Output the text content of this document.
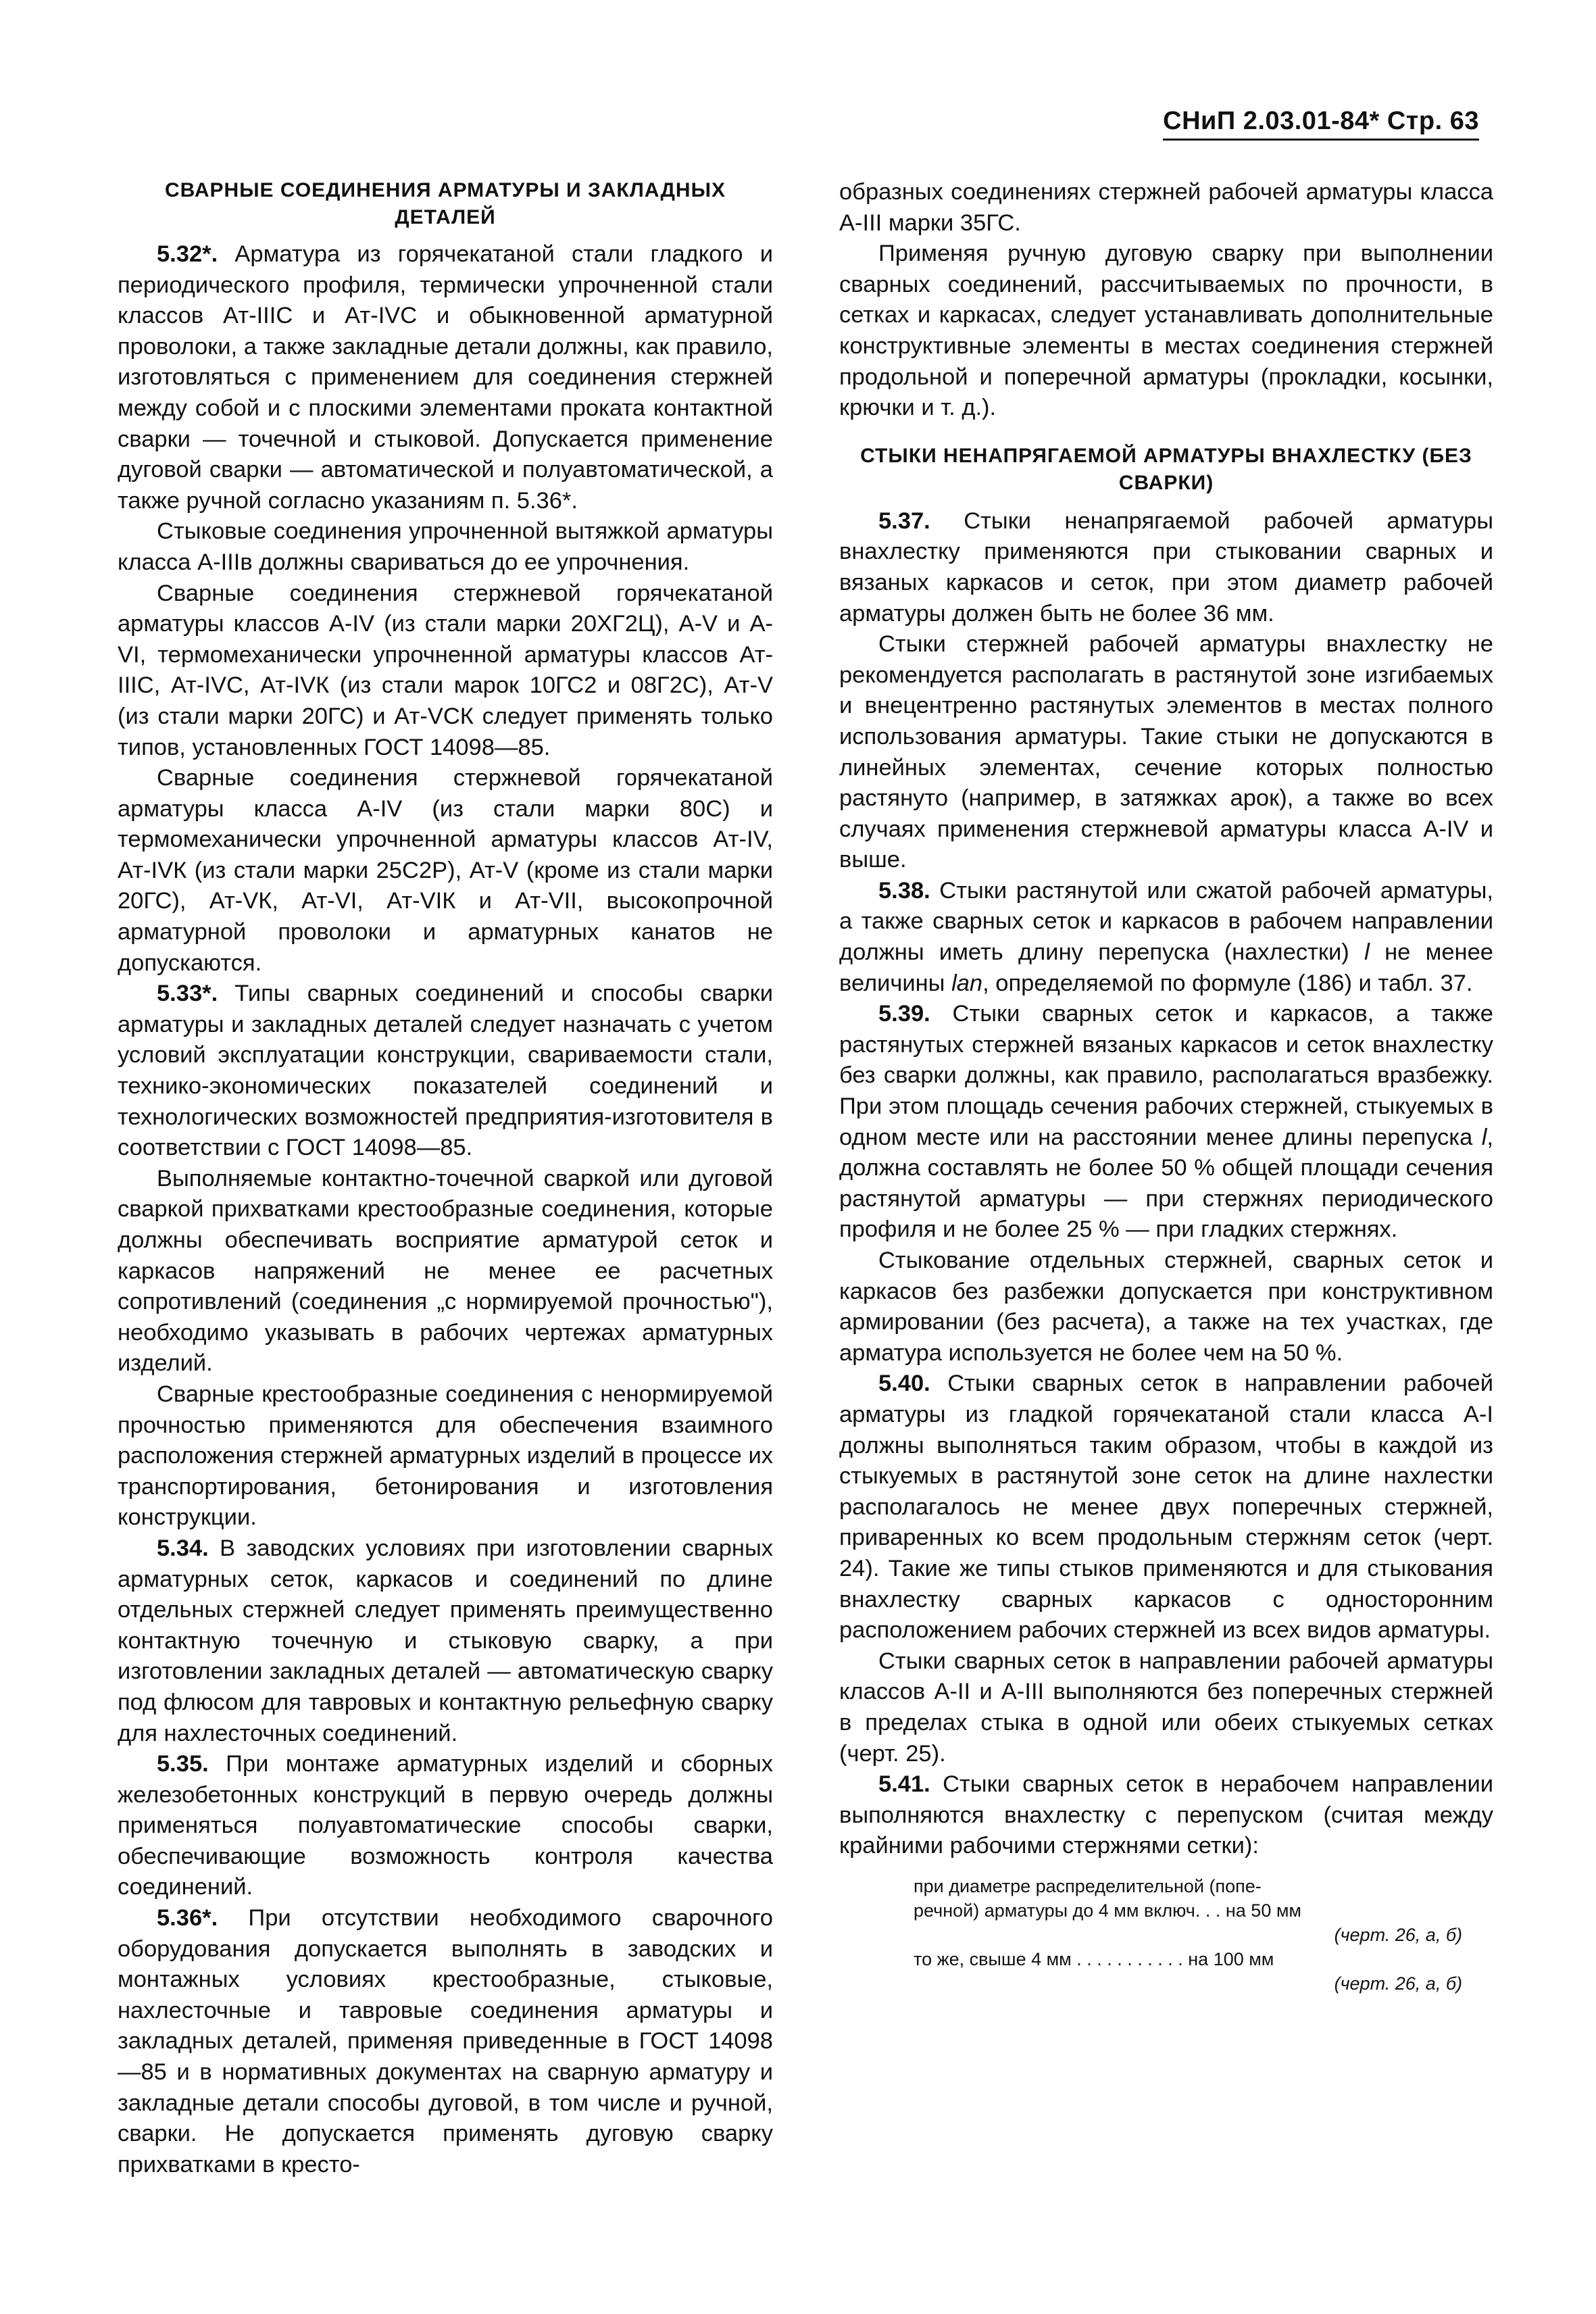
СНиП 2.03.01-84* Стр. 63

СВАРНЫЕ СОЕДИНЕНИЯ АРМАТУРЫ И ЗАКЛАДНЫХ ДЕТАЛЕЙ

5.32*. Арматура из горячекатаной стали гладкого и периодического профиля, термически упрочненной стали классов Ат-IIIС и Ат-IVС и обыкновенной арматурной проволоки, а также закладные детали должны, как правило, изготовляться с применением для соединения стержней между собой и с плоскими элементами проката контактной сварки — точечной и стыковой. Допускается применение дуговой сварки — автоматической и полуавтоматической, а также ручной согласно указаниям п. 5.36*.

Стыковые соединения упрочненной вытяжкой арматуры класса А-IIIв должны свариваться до ее упрочнения.

Сварные соединения стержневой горячекатаной арматуры классов А-IV (из стали марки 20ХГ2Ц), А-V и А-VI, термомеханически упрочненной арматуры классов Ат-IIIС, Ат-IVС, Ат-IVК (из стали марок 10ГС2 и 08Г2С), Ат-V (из стали марки 20ГС) и Ат-VСК следует применять только типов, установленных ГОСТ 14098—85.

Сварные соединения стержневой горячекатаной арматуры класса А-IV (из стали марки 80С) и термомеханически упрочненной арматуры классов Ат-IV, Ат-IVК (из стали марки 25С2Р), Ат-V (кроме из стали марки 20ГС), Ат-VК, Ат-VI, Ат-VIК и Ат-VII, высокопрочной арматурной проволоки и арматурных канатов не допускаются.

5.33*. Типы сварных соединений и способы сварки арматуры и закладных деталей следует назначать с учетом условий эксплуатации конструкции, свариваемости стали, технико-экономических показателей соединений и технологических возможностей предприятия-изготовителя в соответствии с ГОСТ 14098—85.

Выполняемые контактно-точечной сваркой или дуговой сваркой прихватками крестообразные соединения, которые должны обеспечивать восприятие арматурой сеток и каркасов напряжений не менее ее расчетных сопротивлений (соединения „с нормируемой прочностью"), необходимо указывать в рабочих чертежах арматурных изделий.

Сварные крестообразные соединения с ненормируемой прочностью применяются для обеспечения взаимного расположения стержней арматурных изделий в процессе их транспортирования, бетонирования и изготовления конструкции.

5.34. В заводских условиях при изготовлении сварных арматурных сеток, каркасов и соединений по длине отдельных стержней следует применять преимущественно контактную точечную и стыковую сварку, а при изготовлении закладных деталей — автоматическую сварку под флюсом для тавровых и контактную рельефную сварку для нахлесточных соединений.

5.35. При монтаже арматурных изделий и сборных железобетонных конструкций в первую очередь должны применяться полуавтоматические способы сварки, обеспечивающие возможность контроля качества соединений.

5.36*. При отсутствии необходимого сварочного оборудования допускается выполнять в заводских и монтажных условиях крестообразные, стыковые, нахлесточные и тавровые соединения арматуры и закладных деталей, применяя приведенные в ГОСТ 14098—85 и в нормативных документах на сварную арматуру и закладные детали способы дуговой, в том числе и ручной, сварки. Не допускается применять дуговую сварку прихватками в кресто-

образных соединениях стержней рабочей арматуры класса А-III марки 35ГС.

Применяя ручную дуговую сварку при выполнении сварных соединений, рассчитываемых по прочности, в сетках и каркасах, следует устанавливать дополнительные конструктивные элементы в местах соединения стержней продольной и поперечной арматуры (прокладки, косынки, крючки и т. д.).

СТЫКИ НЕНАПРЯГАЕМОЙ АРМАТУРЫ ВНАХЛЕСТКУ (БЕЗ СВАРКИ)

5.37. Стыки ненапрягаемой рабочей арматуры внахлестку применяются при стыковании сварных и вязаных каркасов и сеток, при этом диаметр рабочей арматуры должен быть не более 36 мм.

Стыки стержней рабочей арматуры внахлестку не рекомендуется располагать в растянутой зоне изгибаемых и внецентренно растянутых элементов в местах полного использования арматуры. Такие стыки не допускаются в линейных элементах, сечение которых полностью растянуто (например, в затяжках арок), а также во всех случаях применения стержневой арматуры класса А-IV и выше.

5.38. Стыки растянутой или сжатой рабочей арматуры, а также сварных сеток и каркасов в рабочем направлении должны иметь длину перепуска (нахлестки) l не менее величины lan, определяемой по формуле (186) и табл. 37.

5.39. Стыки сварных сеток и каркасов, а также растянутых стержней вязаных каркасов и сеток внахлестку без сварки должны, как правило, располагаться вразбежку. При этом площадь сечения рабочих стержней, стыкуемых в одном месте или на расстоянии менее длины перепуска l, должна составлять не более 50 % общей площади сечения растянутой арматуры — при стержнях периодического профиля и не более 25 % — при гладких стержнях.

Стыкование отдельных стержней, сварных сеток и каркасов без разбежки допускается при конструктивном армировании (без расчета), а также на тех участках, где арматура используется не более чем на 50 %.

5.40. Стыки сварных сеток в направлении рабочей арматуры из гладкой горячекатаной стали класса А-I должны выполняться таким образом, чтобы в каждой из стыкуемых в растянутой зоне сеток на длине нахлестки располагалось не менее двух поперечных стержней, приваренных ко всем продольным стержням сеток (черт. 24). Такие же типы стыков применяются и для стыкования внахлестку сварных каркасов с односторонним расположением рабочих стержней из всех видов арматуры.

Стыки сварных сеток в направлении рабочей арматуры классов А-II и А-III выполняются без поперечных стержней в пределах стыка в одной или обеих стыкуемых сетках (черт. 25).

5.41. Стыки сварных сеток в нерабочем направлении выполняются внахлестку с перепуском (считая между крайними рабочими стержнями сетки):

при диаметре распределительной (попе-
речной) арматуры до 4 мм включ. . . на 50 мм
(черт. 26, а, б)
то же, свыше 4 мм . . . . . . . . . . . на 100 мм
(черт. 26, а, б)
